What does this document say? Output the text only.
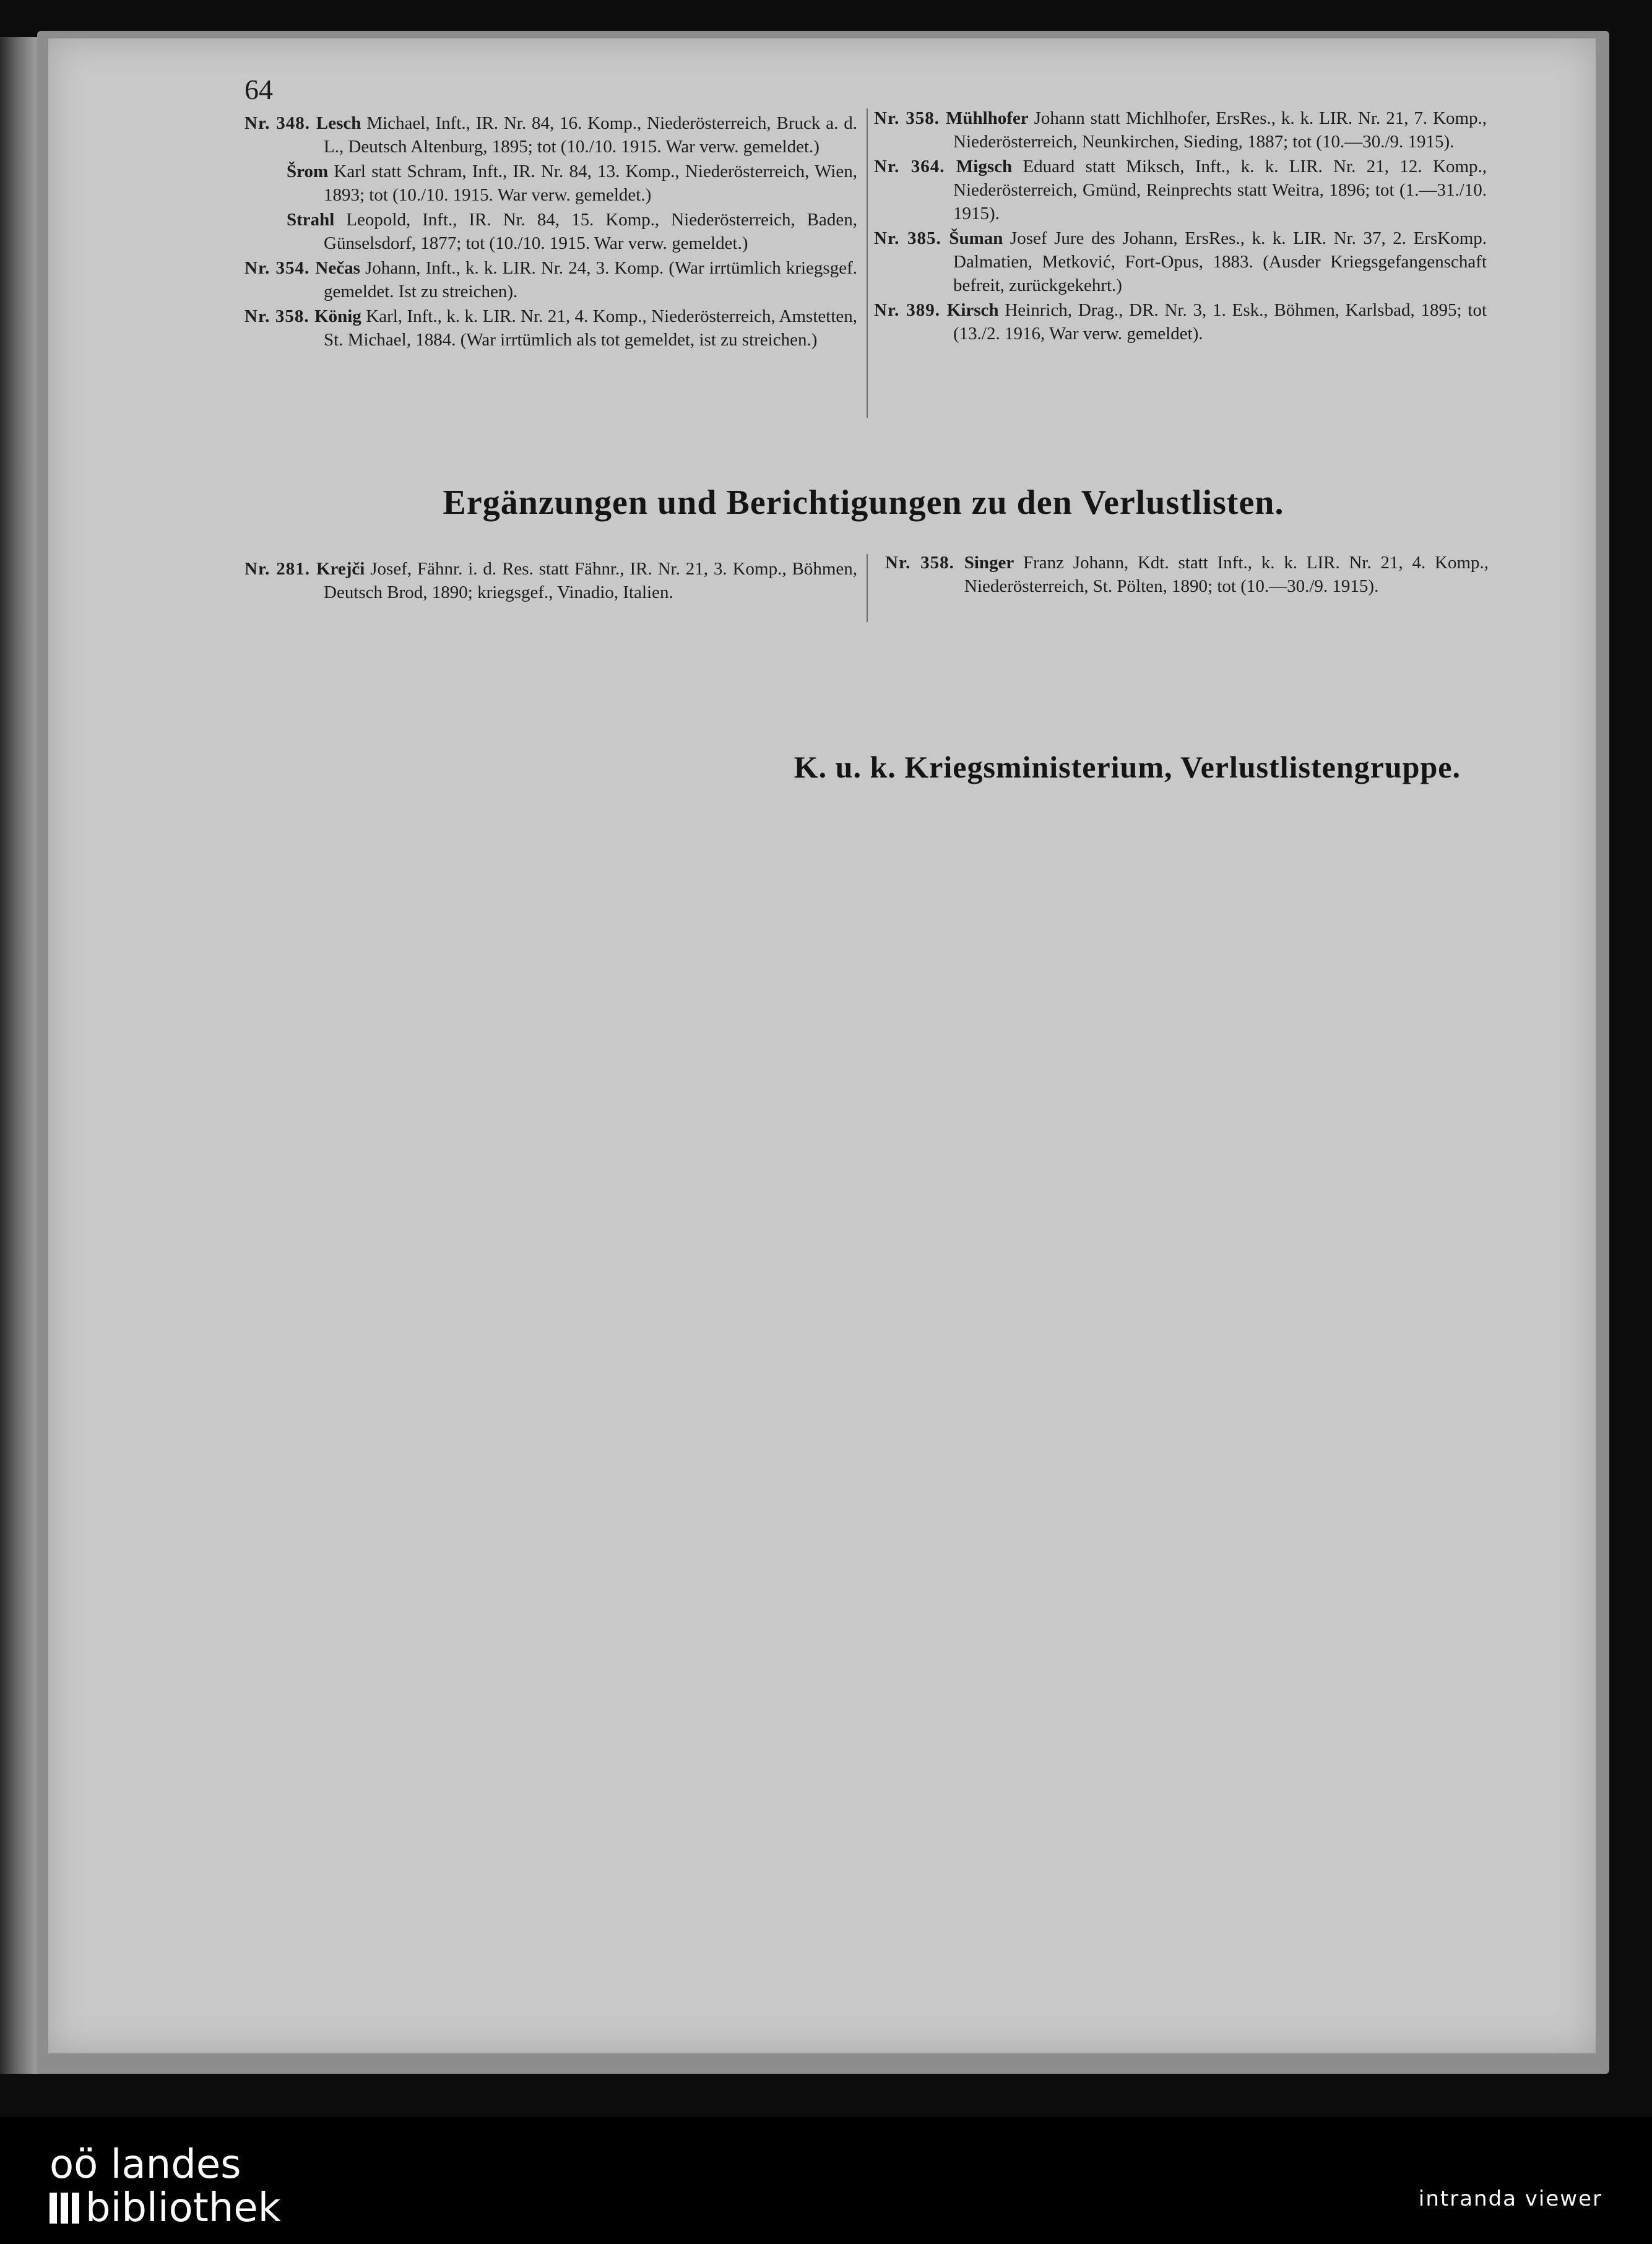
64
Nr. 348. Lesch Michael, Inft., IR. Nr. 84, 16. Komp., Niederösterreich, Bruck a. d. L., Deutsch Altenburg, 1895; tot (10./10. 1915. War verw. gemeldet.)
Šrom Karl statt Schram, Inft., IR. Nr. 84, 13. Komp., Niederösterreich, Wien, 1893; tot (10./10. 1915. War verw. gemeldet.)
Strahl Leopold, Inft., IR. Nr. 84, 15. Komp., Niederösterreich, Baden, Günselsdorf, 1877; tot (10./10. 1915. War verw. gemeldet.)
Nr. 354. Nečas Johann, Inft., k. k. LIR. Nr. 24, 3. Komp. (War irrtümlich kriegsgef. gemeldet. Ist zu streichen).
Nr. 358. König Karl, Inft., k. k. LIR. Nr. 21, 4. Komp., Niederösterreich, Amstetten, St. Michael, 1884. (War irrtümlich als tot gemeldet, ist zu streichen.)
Nr. 358. Mühlhofer Johann statt Michlhofer, ErsRes., k. k. LIR. Nr. 21, 7. Komp., Niederösterreich, Neunkirchen, Sieding, 1887; tot (10.—30./9. 1915).
Nr. 364. Migsch Eduard statt Miksch, Inft., k. k. LIR. Nr. 21, 12. Komp., Niederösterreich, Gmünd, Reinprechts statt Weitra, 1896; tot (1.—31./10. 1915).
Nr. 385. Šuman Josef Jure des Johann, ErsRes., k. k. LIR. Nr. 37, 2. ErsKomp. Dalmatien, Metković, Fort-Opus, 1883. (Ausder Kriegsgefangenschaft befreit, zurückgekehrt.)
Nr. 389. Kirsch Heinrich, Drag., DR. Nr. 3, 1. Esk., Böhmen, Karlsbad, 1895; tot (13./2. 1916, War verw. gemeldet).
Ergänzungen und Berichtigungen zu den Verlustlisten.
Nr. 281. Krejči Josef, Fähnr. i. d. Res. statt Fähnr., IR. Nr. 21, 3. Komp., Böhmen, Deutsch Brod, 1890; kriegsgef., Vinadio, Italien.
Nr. 358. Singer Franz Johann, Kdt. statt Inft., k. k. LIR. Nr. 21, 4. Komp., Niederösterreich, St. Pölten, 1890; tot (10.—30./9. 1915).
K. u. k. Kriegsministerium, Verlustlistengruppe.
oö landes
bibliothek	intranda viewer
